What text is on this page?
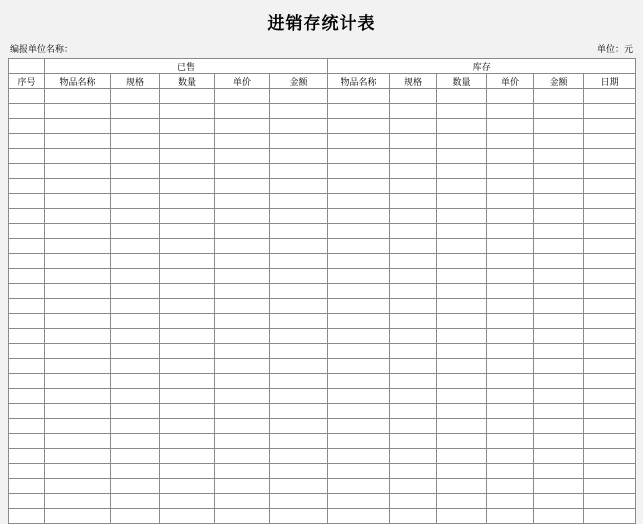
进销存统计表
编报单位名称：	单位：元
	已售					库存					
序号	物品名称	规格	数量	单价	金额	物品名称	规格	数量	单价	金额	日期
